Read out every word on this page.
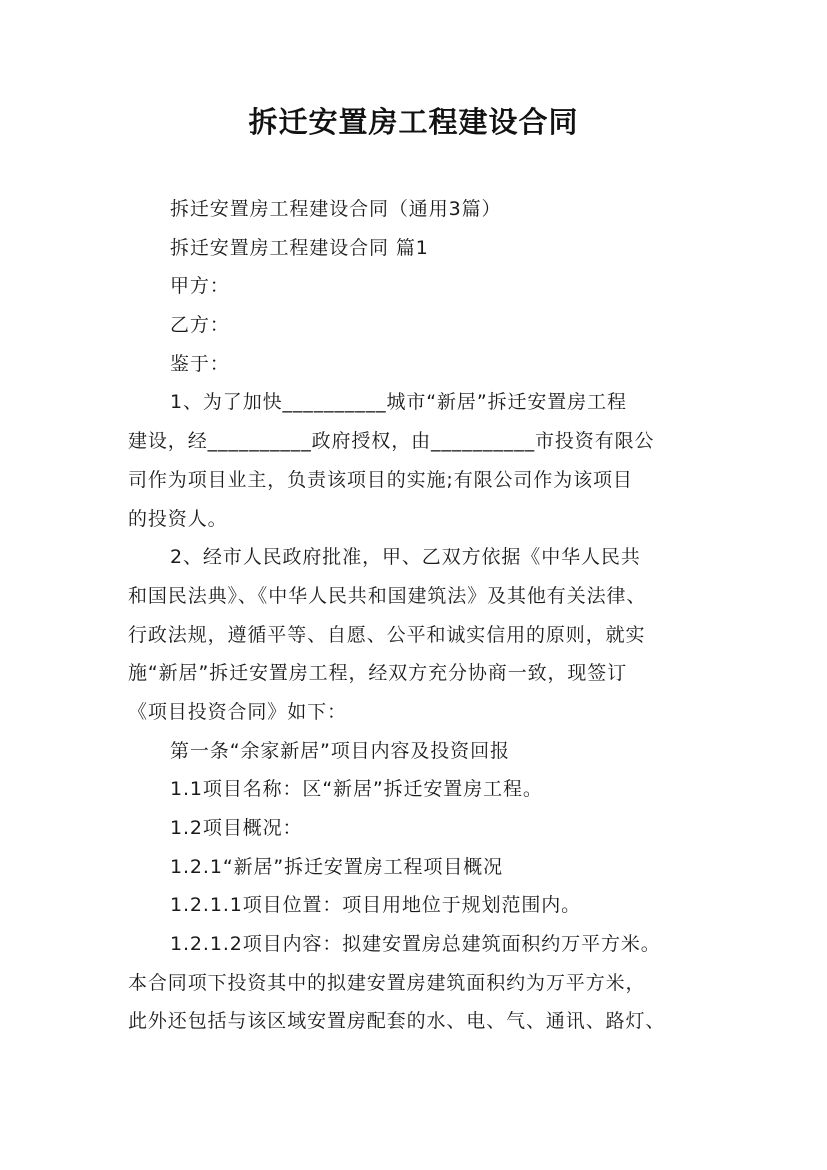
拆迁安置房工程建设合同
拆迁安置房工程建设合同（通用3篇）
拆迁安置房工程建设合同 篇1
甲方：
乙方：
鉴于：
1、为了加快__________城市“新居”拆迁安置房工程
建设，经__________政府授权，由__________市投资有限公
司作为项目业主，负责该项目的实施;有限公司作为该项目
的投资人。
2、经市人民政府批准，甲、乙双方依据《中华人民共
和国民法典》、《中华人民共和国建筑法》及其他有关法律、
行政法规，遵循平等、自愿、公平和诚实信用的原则，就实
施“新居”拆迁安置房工程，经双方充分协商一致，现签订
《项目投资合同》如下：
第一条“余家新居”项目内容及投资回报
1.1项目名称：区“新居”拆迁安置房工程。
1.2项目概况：
1.2.1“新居”拆迁安置房工程项目概况
1.2.1.1项目位置：项目用地位于规划范围内。
1.2.1.2项目内容：拟建安置房总建筑面积约万平方米。
本合同项下投资其中的拟建安置房建筑面积约为万平方米，
此外还包括与该区域安置房配套的水、电、气、通讯、路灯、
